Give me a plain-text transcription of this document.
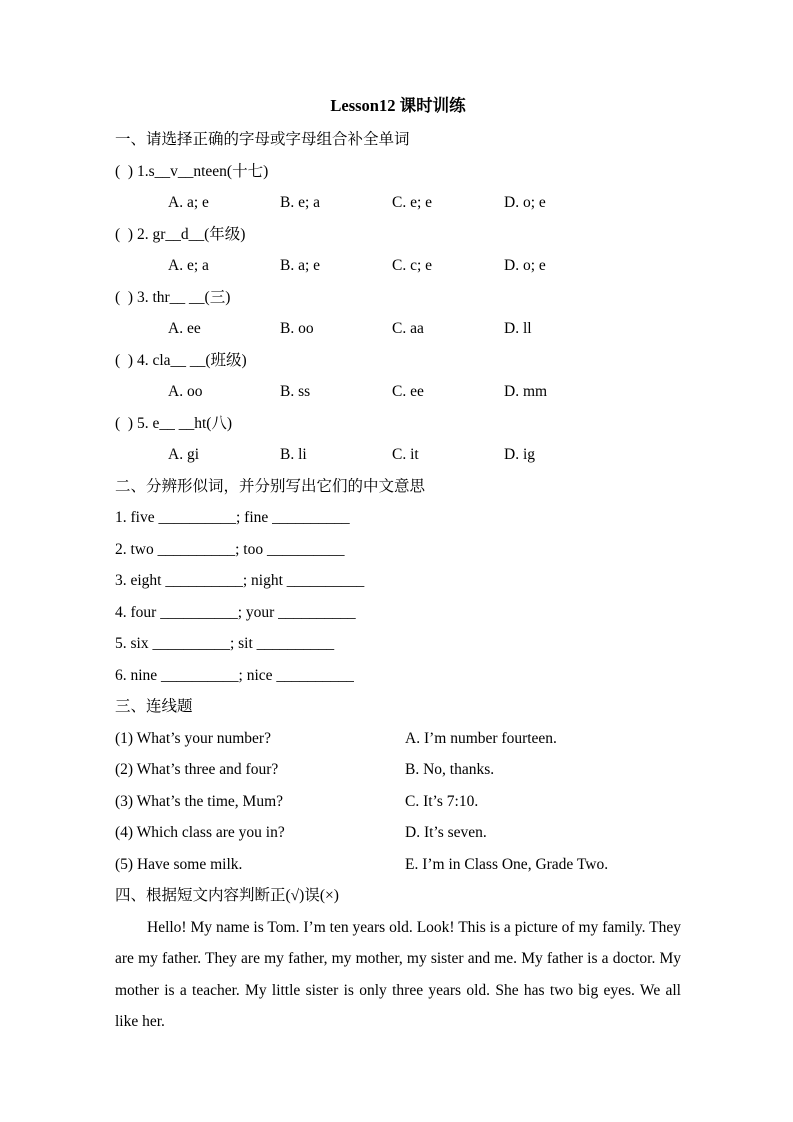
Lesson12 课时训练
一、请选择正确的字母或字母组合补全单词
(  ) 1.s__v__nteen(十七)
A. a; e	B. e; a	C. e; e	D. o; e
(  ) 2. gr__d__(年级)
A. e; a	B. a; e	C. c; e	D. o; e
(  ) 3. thr__ __(三)
A. ee	B. oo	C. aa	D. ll
(  ) 4. cla__ __(班级)
A. oo	B. ss	C. ee	D. mm
(  ) 5. e__ __ht(八)
A. gi	B. li	C. it	D. ig
二、分辨形似词，并分别写出它们的中文意思
1. five __________; fine __________
2. two __________; too __________
3. eight __________; night __________
4. four __________; your __________
5. six __________; sit __________
6. nine __________; nice __________
三、连线题
(1) What’s your number?	A. I’m number fourteen.
(2) What’s three and four?	B. No, thanks.
(3) What’s the time, Mum?	C. It’s 7:10.
(4) Which class are you in?	D. It’s seven.
(5) Have some milk.	E. I’m in Class One, Grade Two.
四、根据短文内容判断正(√)误(×)
Hello! My name is Tom. I’m ten years old. Look! This is a picture of my family. They are my father. They are my father, my mother, my sister and me. My father is a doctor. My mother is a teacher. My little sister is only three years old. She has two big eyes. We all like her.
